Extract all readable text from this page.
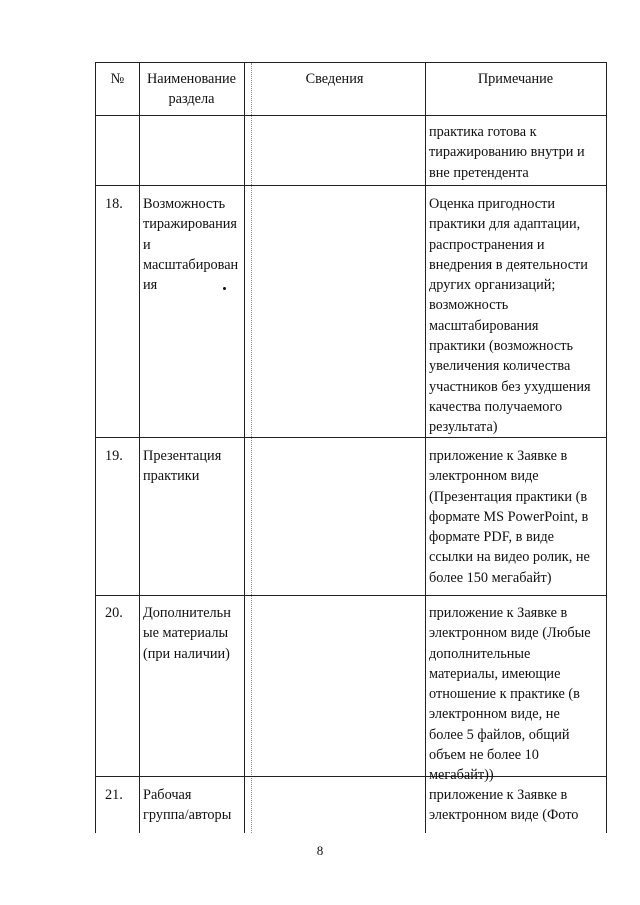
№	Наименование
раздела
Сведения	Примечание
практика готова к
тиражированию внутри и
вне претендента
18. Возможность
тиражирования
и
масштабирован
ия
Оценка пригодности
практики для адаптации,
распространения и
внедрения в деятельности
других организаций;
возможность
масштабирования
практики (возможность
увеличения количества
участников без ухудшения
качества получаемого
результата)
19. Презентация
практики
приложение к Заявке в
электронном виде
(Презентация практики (в
формате MS PowerPoint, в
формате PDF, в виде
ссылки на видео ролик, не
более 150 мегабайт)
20. Дополнительн
ые материалы
(при наличии)
приложение к Заявке в
электронном виде (Любые
дополнительные
материалы, имеющие
отношение к практике (в
электронном виде, не
более 5 файлов, общий
объем не более 10
мегабайт))
21. Рабочая
группа/авторы
приложение к Заявке в
электронном виде (Фото
8
